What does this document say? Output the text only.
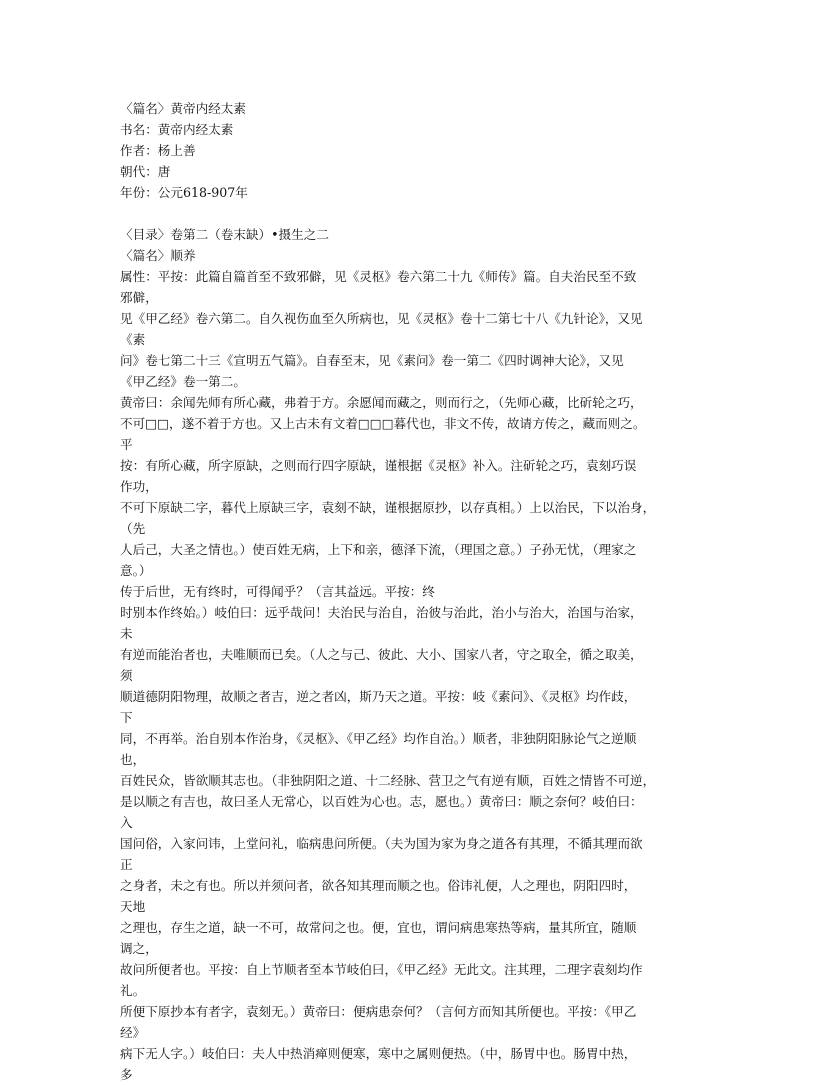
〈篇名〉黄帝内经太素
书名：黄帝内经太素
作者：杨上善
朝代：唐
年份：公元618-907年
〈目录〉卷第二（卷末缺）•摄生之二
〈篇名〉顺养
属性：平按：此篇自篇首至不致邪僻，见《灵枢》卷六第二十九《师传》篇。自夫治民至不致
邪僻，
见《甲乙经》卷六第二。自久视伤血至久所病也，见《灵枢》卷十二第七十八《九针论》，又见
《素
问》卷七第二十三《宣明五气篇》。自春至末，见《素问》卷一第二《四时调神大论》，又见
《甲乙经》卷一第二。
黄帝曰：余闻先师有所心藏，弗着于方。余愿闻而藏之，则而行之，（先师心藏，比斫轮之巧，
不可□□，遂不着于方也。又上古未有文着□□□暮代也，非文不传，故请方传之，藏而则之。
平
按：有所心藏，所字原缺，之则而行四字原缺，谨根据《灵枢》补入。注斫轮之巧，袁刻巧误
作功，
不可下原缺二字，暮代上原缺三字，袁刻不缺，谨根据原抄，以存真相。）上以治民，下以治身，
（先
人后己，大圣之情也。）使百姓无病，上下和亲，德泽下流，（理国之意。）子孙无忧，（理家之
意。）
传于后世，无有终时，可得闻乎？（言其益远。平按：终
时别本作终始。）岐伯曰：远乎哉问！夫治民与治自，治彼与治此，治小与治大，治国与治家，
未
有逆而能治者也，夫唯顺而已矣。（人之与己、彼此、大小、国家八者，守之取全，循之取美，
须
顺道德阴阳物理，故顺之者吉，逆之者凶，斯乃天之道。平按：岐《素问》、《灵枢》均作歧，
下
同，不再举。治自别本作治身，《灵枢》、《甲乙经》均作自治。）顺者，非独阴阳脉论气之逆顺
也，
百姓民众，皆欲顺其志也。（非独阴阳之道、十二经脉、营卫之气有逆有顺，百姓之情皆不可逆，
是以顺之有吉也，故曰圣人无常心，以百姓为心也。志，愿也。）黄帝曰：顺之奈何？岐伯曰：
入
国问俗，入家问讳，上堂问礼，临病患问所便。（夫为国为家为身之道各有其理，不循其理而欲
正
之身者，未之有也。所以并须问者，欲各知其理而顺之也。俗讳礼便，人之理也，阴阳四时，
天地
之理也，存生之道，缺一不可，故常问之也。便，宜也，谓问病患寒热等病，量其所宜，随顺
调之，
故问所便者也。平按：自上节顺者至本节岐伯曰，《甲乙经》无此文。注其理，二理字袁刻均作
礼。
所便下原抄本有者字，袁刻无。）黄帝曰：便病患奈何？（言何方而知其所便也。平按：《甲乙
经》
病下无人字。）岐伯曰：夫人中热消瘅则便寒，寒中之属则便热。（中，肠胃中也。肠胃中热，
多
